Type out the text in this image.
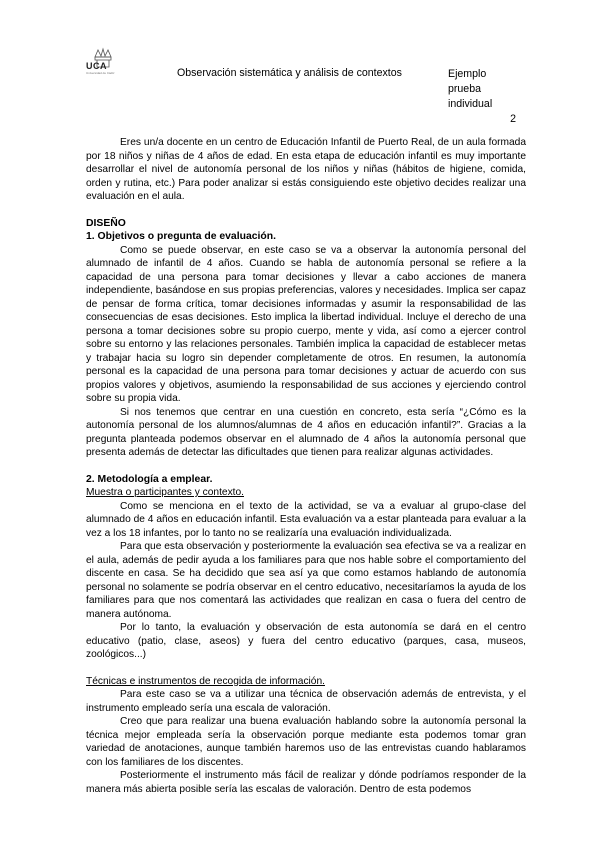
UCA
Universidad de Cádiz	Observación sistemática y análisis de contextos	Ejemplo prueba
individual
2

Eres un/a docente en un centro de Educación Infantil de Puerto Real, de un aula formada por 18 niños y niñas de 4 años de edad. En esta etapa de educación infantil es muy importante desarrollar el nivel de autonomía personal de los niños y niñas (hábitos de higiene, comida, orden y rutina, etc.) Para poder analizar si estás consiguiendo este objetivo decides realizar una evaluación en el aula.

DISEÑO
1. Objetivos o pregunta de evaluación.

Como se puede observar, en este caso se va a observar la autonomía personal del alumnado de infantil de 4 años. Cuando se habla de autonomía personal se refiere a la capacidad de una persona para tomar decisiones y llevar a cabo acciones de manera independiente, basándose en sus propias preferencias, valores y necesidades. Implica ser capaz de pensar de forma crítica, tomar decisiones informadas y asumir la responsabilidad de las consecuencias de esas decisiones. Esto implica la libertad individual. Incluye el derecho de una persona a tomar decisiones sobre su propio cuerpo, mente y vida, así como a ejercer control sobre su entorno y las relaciones personales. También implica la capacidad de establecer metas y trabajar hacia su logro sin depender completamente de otros. En resumen, la autonomía personal es la capacidad de una persona para tomar decisiones y actuar de acuerdo con sus propios valores y objetivos, asumiendo la responsabilidad de sus acciones y ejerciendo control sobre su propia vida.

Si nos tenemos que centrar en una cuestión en concreto, esta sería “¿Cómo es la autonomía personal de los alumnos/alumnas de 4 años en educación infantil?”. Gracias a la pregunta planteada podemos observar en el alumnado de 4 años la autonomía personal que presenta además de detectar las dificultades que tienen para realizar algunas actividades.

2. Metodología a emplear.
Muestra o participantes y contexto.

Como se menciona en el texto de la actividad, se va a evaluar al grupo-clase del alumnado de 4 años en educación infantil. Esta evaluación va a estar planteada para evaluar a la vez a los 18 infantes, por lo tanto no se realizaría una evaluación individualizada.

Para que esta observación y posteriormente la evaluación sea efectiva se va a realizar en el aula, además de pedir ayuda a los familiares para que nos hable sobre el comportamiento del discente en casa. Se ha decidido que sea así ya que como estamos hablando de autonomía personal no solamente se podría observar en el centro educativo, necesitaríamos la ayuda de los familiares para que nos comentará las actividades que realizan en casa o fuera del centro de manera autónoma.

Por lo tanto, la evaluación y observación de esta autonomía se dará en el centro educativo (patio, clase, aseos) y fuera del centro educativo (parques, casa, museos, zoológicos...)

Técnicas e instrumentos de recogida de información.

Para este caso se va a utilizar una técnica de observación además de entrevista, y el instrumento empleado sería una escala de valoración.

Creo que para realizar una buena evaluación hablando sobre la autonomía personal la técnica mejor empleada sería la observación porque mediante esta podemos tomar gran variedad de anotaciones, aunque también haremos uso de las entrevistas cuando hablaramos con los familiares de los discentes.

Posteriormente el instrumento más fácil de realizar y dónde podríamos responder de la manera más abierta posible sería las escalas de valoración. Dentro de esta podemos
